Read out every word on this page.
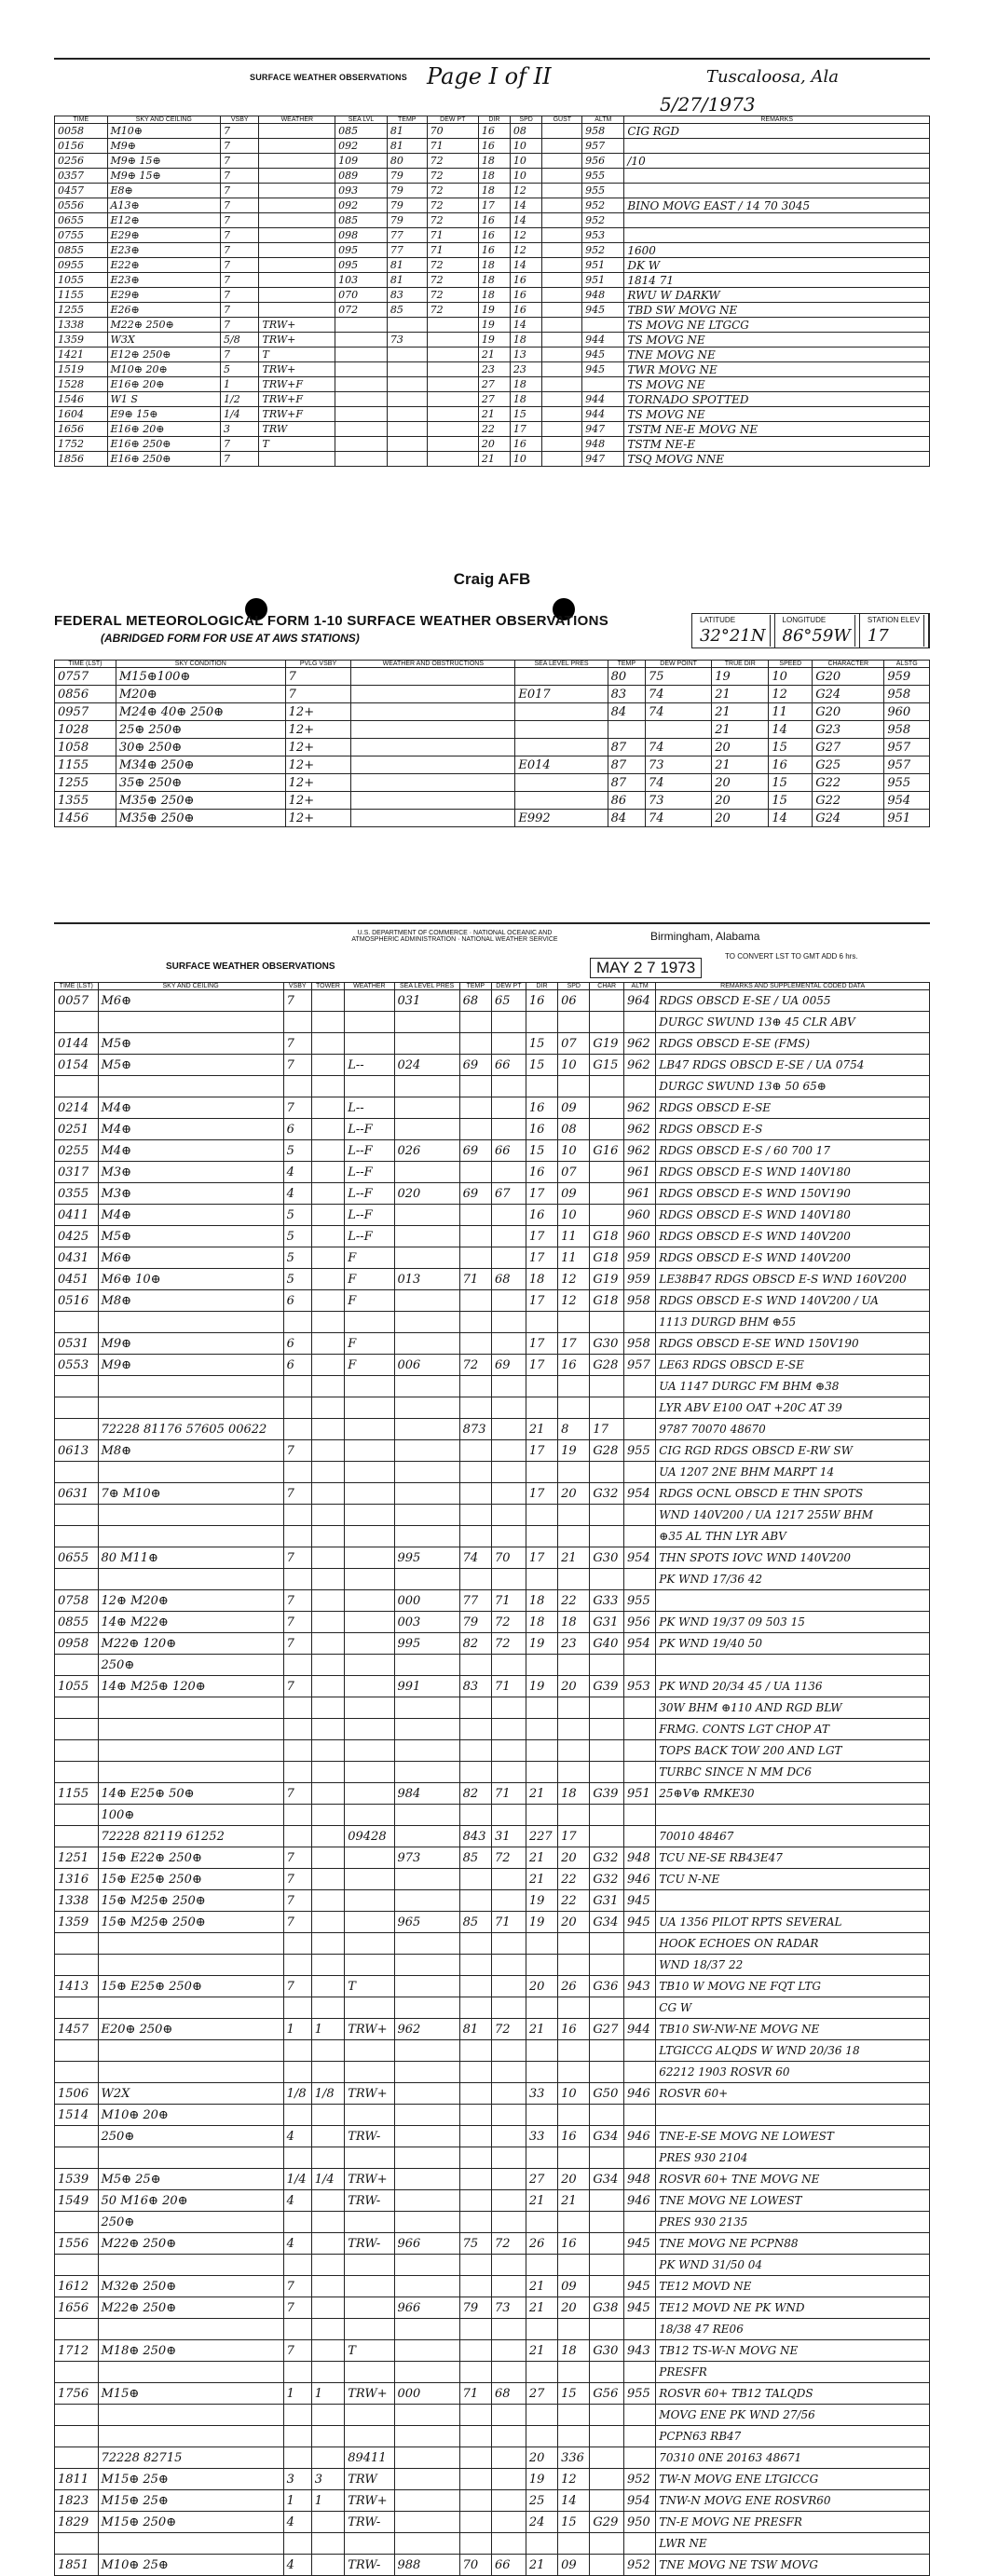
SURFACE WEATHER OBSERVATIONS Page I of II	Tuscaloosa, Ala
5/27/1973
TIME	SKY AND CEILING	VSBY	WEATHER	SEA LVL	TEMP	DEW PT	DIR	SPD	GUST	ALTM	REMARKS
0058	M10⊕	7		085	81	70	16	08		958	CIG RGD
0156	M9⊕	7		092	81	71	16	10		957	
0256	M9⊕ 15⊕	7		109	80	72	18	10		956	/10
0357	M9⊕ 15⊕	7		089	79	72	18	10		955	
0457	E8⊕	7		093	79	72	18	12		955	
0556	A13⊕	7		092	79	72	17	14		952	BINO MOVG EAST / 14 70 3045
0655	E12⊕	7		085	79	72	16	14		952	
0755	E29⊕	7		098	77	71	16	12		953	
0855	E23⊕	7		095	77	71	16	12		952	1600
0955	E22⊕	7		095	81	72	18	14		951	DK W
1055	E23⊕	7		103	81	72	18	16		951	1814 71
1155	E29⊕	7		070	83	72	18	16		948	RWU W DARKW
1255	E26⊕	7		072	85	72	19	16		945	TBD SW MOVG NE
1338	M22⊕ 250⊕	7	TRW+				19	14			TS MOVG NE LTGCG
1359	W3X	5/8	TRW+		73		19	18		944	TS MOVG NE
1421	E12⊕ 250⊕	7	T				21	13		945	TNE MOVG NE
1519	M10⊕ 20⊕	5	TRW+				23	23		945	TWR MOVG NE
1528	E16⊕ 20⊕	1	TRW+F				27	18			TS MOVG NE
1546	W1 S	1/2	TRW+F				27	18		944	TORNADO SPOTTED
1604	E9⊕ 15⊕	1/4	TRW+F				21	15		944	TS MOVG NE
1656	E16⊕ 20⊕	3	TRW				22	17		947	TSTM NE-E MOVG NE
1752	E16⊕ 250⊕	7	T				20	16		948	TSTM NE-E
1856	E16⊕ 250⊕	7					21	10		947	TSQ MOVG NNE
Craig AFB
FEDERAL METEOROLOGICAL FORM 1-10 SURFACE WEATHER OBSERVATIONS
(ABRIDGED FORM FOR USE AT AWS STATIONS)
LATITUDE
32°21N
LONGITUDE
86°59W
STATION ELEV
17
TIME (LST)	SKY CONDITION	PVLG VSBY	WEATHER AND OBSTRUCTIONS	SEA LEVEL PRES	TEMP	DEW POINT	TRUE DIR	SPEED	CHARACTER	ALSTG
0757	M15⊕100⊕	7			80	75	19	10	G20	959
0856	M20⊕	7		E017	83	74	21	12	G24	958
0957	M24⊕ 40⊕ 250⊕	12+			84	74	21	11	G20	960
1028	25⊕ 250⊕	12+					21	14	G23	958
1058	30⊕ 250⊕	12+			87	74	20	15	G27	957
1155	M34⊕ 250⊕	12+		E014	87	73	21	16	G25	957
1255	35⊕ 250⊕	12+			87	74	20	15	G22	955
1355	M35⊕ 250⊕	12+			86	73	20	15	G22	954
1456	M35⊕ 250⊕	12+		E992	84	74	20	14	G24	951
U.S. DEPARTMENT OF COMMERCE · NATIONAL OCEANIC AND ATMOSPHERIC ADMINISTRATION · NATIONAL WEATHER SERVICE	Birmingham, Alabama
SURFACE WEATHER OBSERVATIONS	MAY 2 7 1973
TO CONVERT LST TO GMT ADD 6 hrs.
TIME (LST)	SKY AND CEILING	VSBY	TOWER	WEATHER	SEA LEVEL PRES	TEMP	DEW PT	DIR	SPD	CHAR	ALTM	REMARKS AND SUPPLEMENTAL CODED DATA
0057	M6⊕	7			031	68	65	16	06		964	RDGS OBSCD E-SE / UA 0055
												DURGC SWUND 13⊕ 45 CLR ABV
0144	M5⊕	7						15	07	G19	962	RDGS OBSCD E-SE (FMS)
0154	M5⊕	7		L--	024	69	66	15	10	G15	962	LB47 RDGS OBSCD E-SE / UA 0754
												DURGC SWUND 13⊕ 50 65⊕
0214	M4⊕	7		L--				16	09		962	RDGS OBSCD E-SE
0251	M4⊕	6		L--F				16	08		962	RDGS OBSCD E-S
0255	M4⊕	5		L--F	026	69	66	15	10	G16	962	RDGS OBSCD E-S / 60 700 17
0317	M3⊕	4		L--F				16	07		961	RDGS OBSCD E-S WND 140V180
0355	M3⊕	4		L--F	020	69	67	17	09		961	RDGS OBSCD E-S WND 150V190
0411	M4⊕	5		L--F				16	10		960	RDGS OBSCD E-S WND 140V180
0425	M5⊕	5		L--F				17	11	G18	960	RDGS OBSCD E-S WND 140V200
0431	M6⊕	5		F				17	11	G18	959	RDGS OBSCD E-S WND 140V200
0451	M6⊕ 10⊕	5		F	013	71	68	18	12	G19	959	LE38B47 RDGS OBSCD E-S WND 160V200
0516	M8⊕	6		F				17	12	G18	958	RDGS OBSCD E-S WND 140V200 / UA
												1113 DURGD BHM ⊕55
0531	M9⊕	6		F				17	17	G30	958	RDGS OBSCD E-SE WND 150V190
0553	M9⊕	6		F	006	72	69	17	16	G28	957	LE63 RDGS OBSCD E-SE
												UA 1147 DURGC FM BHM ⊕38
												LYR ABV E100 OAT +20C AT 39
	72228 81176 57605 00622					873		21	8	17		9787 70070 48670
0613	M8⊕	7						17	19	G28	955	CIG RGD RDGS OBSCD E-RW SW
												UA 1207 2NE BHM MARPT 14
0631	7⊕ M10⊕	7						17	20	G32	954	RDGS OCNL OBSCD E THN SPOTS
												WND 140V200 / UA 1217 255W BHM
												⊕35 AL THN LYR ABV
0655	80 M11⊕	7			995	74	70	17	21	G30	954	THN SPOTS IOVC WND 140V200
												PK WND 17/36 42
0758	12⊕ M20⊕	7			000	77	71	18	22	G33	955	
0855	14⊕ M22⊕	7			003	79	72	18	18	G31	956	PK WND 19/37 09 503 15
0958	M22⊕ 120⊕	7			995	82	72	19	23	G40	954	PK WND 19/40 50
	250⊕											
1055	14⊕ M25⊕ 120⊕	7			991	83	71	19	20	G39	953	PK WND 20/34 45 / UA 1136
												30W BHM ⊕110 AND RGD BLW
												FRMG. CONTS LGT CHOP AT
												TOPS BACK TOW 200 AND LGT
												TURBC SINCE N MM DC6
1155	14⊕ E25⊕ 50⊕	7			984	82	71	21	18	G39	951	25⊕V⊕ RMKE30
	100⊕											
	72228 82119 61252			09428		843	31	227	17			70010 48467
1251	15⊕ E22⊕ 250⊕	7			973	85	72	21	20	G32	948	TCU NE-SE RB43E47
1316	15⊕ E25⊕ 250⊕	7						21	22	G32	946	TCU N-NE
1338	15⊕ M25⊕ 250⊕	7						19	22	G31	945	
1359	15⊕ M25⊕ 250⊕	7			965	85	71	19	20	G34	945	UA 1356 PILOT RPTS SEVERAL
												HOOK ECHOES ON RADAR
												WND 18/37 22
1413	15⊕ E25⊕ 250⊕	7		T				20	26	G36	943	TB10 W MOVG NE FQT LTG
												CG W
1457	E20⊕ 250⊕	1	1	TRW+	962	81	72	21	16	G27	944	TB10 SW-NW-NE MOVG NE
												LTGICCG ALQDS W WND 20/36 18
												62212 1903 ROSVR 60
1506	W2X	1/8	1/8	TRW+				33	10	G50	946	ROSVR 60+
1514	M10⊕ 20⊕											
	250⊕	4		TRW-				33	16	G34	946	TNE-E-SE MOVG NE LOWEST
												PRES 930 2104
1539	M5⊕ 25⊕	1/4	1/4	TRW+				27	20	G34	948	ROSVR 60+ TNE MOVG NE
1549	50 M16⊕ 20⊕	4		TRW-				21	21		946	TNE MOVG NE LOWEST
	250⊕											PRES 930 2135
1556	M22⊕ 250⊕	4		TRW-	966	75	72	26	16		945	TNE MOVG NE PCPN88
												PK WND 31/50 04
1612	M32⊕ 250⊕	7						21	09		945	TE12 MOVD NE
1656	M22⊕ 250⊕	7			966	79	73	21	20	G38	945	TE12 MOVD NE PK WND
												18/38 47 RE06
1712	M18⊕ 250⊕	7		T				21	18	G30	943	TB12 TS-W-N MOVG NE
												PRESFR
1756	M15⊕	1	1	TRW+	000	71	68	27	15	G56	955	ROSVR 60+ TB12 TALQDS
												MOVG ENE PK WND 27/56
												PCPN63 RB47
	72228 82715			89411				20	336			70310 0NE 20163 48671
1811	M15⊕ 25⊕	3	3	TRW				19	12		952	TW-N MOVG ENE LTGICCG
1823	M15⊕ 25⊕	1	1	TRW+				25	14		954	TNW-N MOVG ENE ROSVR60
1829	M15⊕ 250⊕	4		TRW-				24	15	G29	950	TN-E MOVG NE PRESFR
												LWR NE
1851	M10⊕ 25⊕	4		TRW-	988	70	66	21	09		952	TNE MOVG NE TSW MOVG
